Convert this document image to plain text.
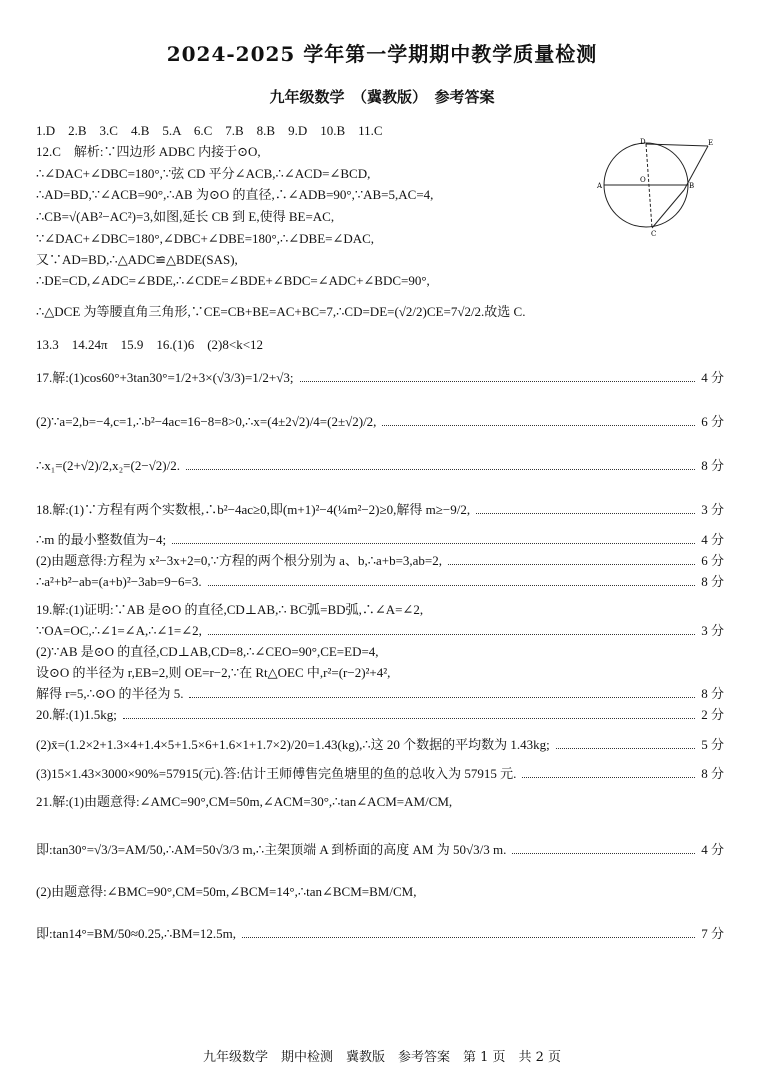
2024-2025 学年第一学期期中教学质量检测
九年级数学　（冀教版）　参考答案
1.D　2.B　3.C　4.B　5.A　6.C　7.B　8.B　9.D　10.B　11.C
12.C　解析:∵四边形 ADBC 内接于⊙O,
∴∠DAC+∠DBC=180°,∵弦 CD 平分∠ACB,∴∠ACD=∠BCD,
∴AD=BD,∵∠ACB=90°,∴AB 为⊙O 的直径,∴∠ADB=90°,∵AB=5,AC=4,
∴CB=√(AB²−AC²)=3,如图,延长 CB 到 E,使得 BE=AC,
∵∠DAC+∠DBC=180°,∠DBC+∠DBE=180°,∴∠DBE=∠DAC,
又∵AD=BD,∴△ADC≌△BDE(SAS),
∴DE=CD,∠ADC=∠BDE,∴∠CDE=∠BDE+∠BDC=∠ADC+∠BDC=90°,
∴△DCE 为等腰直角三角形,∵CE=CB+BE=AC+BC=7,∴CD=DE=(√2/2)CE=7√2/2.故选 C.
13.3　14.24π　15.9　16.(1)6　(2)8<k<12
17.解:(1)cos60°+3tan30°=1/2+3×(√3/3)=1/2+√3;	4 分
(2)∵a=2,b=−4,c=1,∴b²−4ac=16−8=8>0,∴x=(4±2√2)/4=(2±√2)/2,	6 分
∴x₁=(2+√2)/2,x₂=(2−√2)/2.	8 分
18.解:(1)∵方程有两个实数根,∴b²−4ac≥0,即(m+1)²−4(¼m²−2)≥0,解得 m≥−9/2,	3 分
∴m 的最小整数值为−4;	4 分
(2)由题意得:方程为 x²−3x+2=0,∵方程的两个根分别为 a、b,∴a+b=3,ab=2,	6 分
∴a²+b²−ab=(a+b)²−3ab=9−6=3.	8 分
19.解:(1)证明:∵AB 是⊙O 的直径,CD⊥AB,∴ BC弧=BD弧,∴∠A=∠2,
∵OA=OC,∴∠1=∠A,∴∠1=∠2,	3 分
(2)∵AB 是⊙O 的直径,CD⊥AB,CD=8,∴∠CEO=90°,CE=ED=4,
设⊙O 的半径为 r,EB=2,则 OE=r−2,∵在 Rt△OEC 中,r²=(r−2)²+4²,
解得 r=5,∴⊙O 的半径为 5.	8 分
20.解:(1)1.5kg;	2 分
(2)x̄=(1.2×2+1.3×4+1.4×5+1.5×6+1.6×1+1.7×2)/20=1.43(kg),∴这 20 个数据的平均数为 1.43kg;	5 分
(3)15×1.43×3000×90%=57915(元).答:估计王师傅售完鱼塘里的鱼的总收入为 57915 元.	8 分
21.解:(1)由题意得:∠AMC=90°,CM=50m,∠ACM=30°,∴tan∠ACM=AM/CM,
即:tan30°=√3/3=AM/50,∴AM=50√3/3 m,∴主架顶端 A 到桥面的高度 AM 为 50√3/3 m.	4 分
(2)由题意得:∠BMC=90°,CM=50m,∠BCM=14°,∴tan∠BCM=BM/CM,
即:tan14°=BM/50≈0.25,∴BM=12.5m,	7 分
D	E
A
O
B
C
九年级数学　期中检测　冀教版　参考答案　第 1 页　共 2 页
